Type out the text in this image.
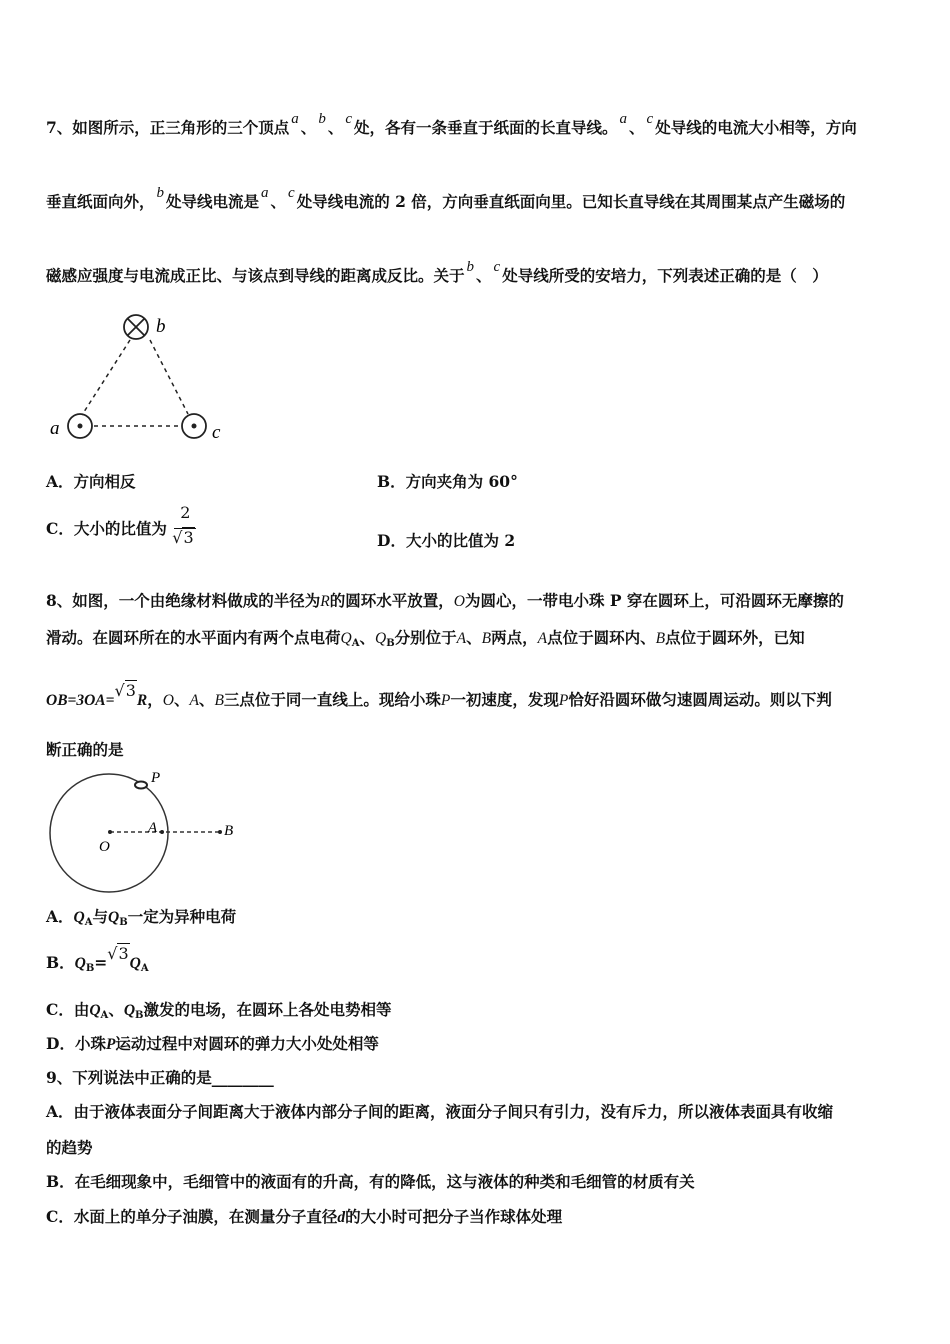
7、如图所示，正三角形的三个顶点 a 、 b 、 c 处，各有一条垂直于纸面的长直导线。 a 、 c 处导线的电流大小相等，方向
垂直纸面向外， b 处导线电流是 a 、 c 处导线电流的 2 倍，方向垂直纸面向里。已知长直导线在其周围某点产生磁场的
磁感应强度与电流成正比、与该点到导线的距离成反比。关于 b 、 c 处导线所受的安培力，下列表述正确的是（　）
b
a	c
A．方向相反	B．方向夹角为 60°
C．大小的比值为 $\frac{2}{√3}$	D．大小的比值为 2
8、如图，一个由绝缘材料做成的半径为R的圆环水平放置，O为圆心，一带电小珠 P 穿在圆环上，可沿圆环无摩擦的
滑动。在圆环所在的水平面内有两个点电荷QA、QB分别位于A、B两点，A点位于圆环内、B点位于圆环外，已知
OB=3OA=√3R，O、A、B三点位于同一直线上。现给小珠P一初速度，发现P恰好沿圆环做匀速圆周运动。则以下判
断正确的是
P
A	B
O
A．QA与QB一定为异种电荷
B．QB=√3QA
C．由QA、QB激发的电场，在圆环上各处电势相等
D．小珠P运动过程中对圆环的弹力大小处处相等
9、下列说法中正确的是________
A．由于液体表面分子间距离大于液体内部分子间的距离，液面分子间只有引力，没有斥力，所以液体表面具有收缩
的趋势
B．在毛细现象中，毛细管中的液面有的升高，有的降低，这与液体的种类和毛细管的材质有关
C．水面上的单分子油膜，在测量分子直径d的大小时可把分子当作球体处理
